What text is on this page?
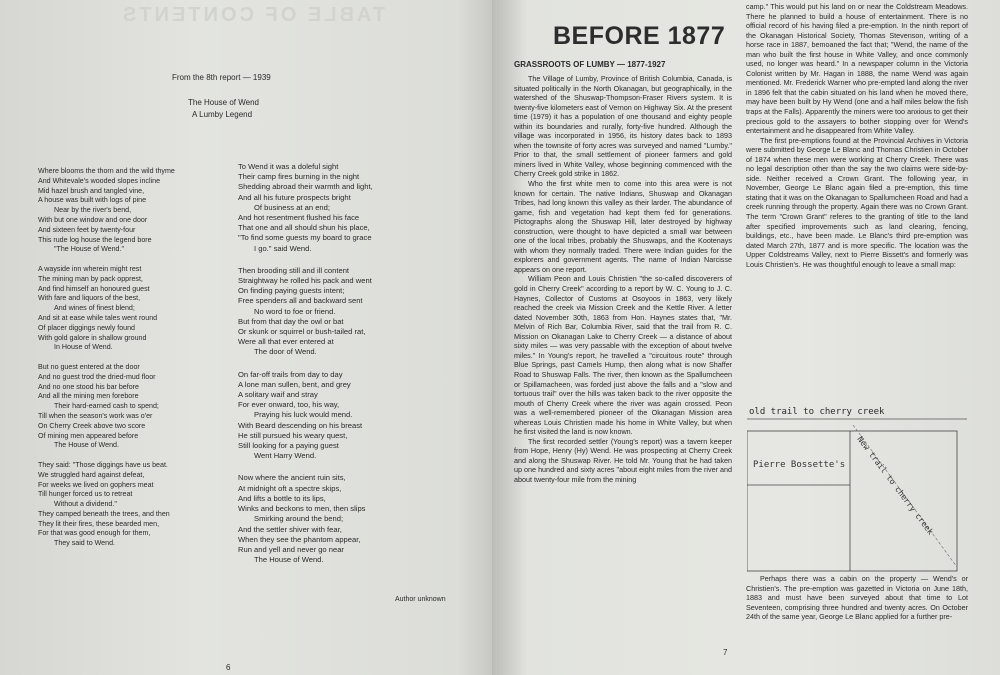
TABLE OF CONTENTS
From the 8th report — 1939
The House of Wend
A Lumby Legend
Where blooms the thorn and the wild thyme
And Whitevale's wooded slopes incline
Mid hazel brush and tangled vine,
A house was built with logs of pine
Near by the river's bend,
With but one window and one door
And sixteen feet by twenty-four
This rude log house the legend bore
"The House of Wend."
A wayside inn wherein might rest
The mining man by pack opprest,
And find himself an honoured guest
With fare and liquors of the best,
And wines of finest blend;
And sit at ease while tales went round
Of placer diggings newly found
With gold galore in shallow ground
In House of Wend.
But no guest entered at the door
And no guest trod the dried-mud floor
And no one stood his bar before
And all the mining men forebore
Their hard-earned cash to spend;
Till when the season's work was o'er
On Cherry Creek above two score
Of mining men appeared before
The House of Wend.
They said: "Those diggings have us beat.
We struggled hard against defeat,
For weeks we lived on gophers meat
Till hunger forced us to retreat
Without a dividend."
They camped beneath the trees, and then
They lit their fires, these bearded men,
For that was good enough for them,
They said to Wend.
To Wend it was a doleful sight
Their camp fires burning in the night
Shedding abroad their warmth and light,
And all his future prospects bright
Of business at an end;
And hot resentment flushed his face
That one and all should shun his place,
"To find some guests my board to grace
I go." said Wend.
Then brooding still and ill content
Straightway he rolled his pack and went
On finding paying guests intent;
Free spenders all and backward sent
No word to foe or friend.
But from that day the owl or bat
Or skunk or squirrel or bush-tailed rat,
Were all that ever entered at
The door of Wend.
On far-off trails from day to day
A lone man sullen, bent, and grey
A solitary waif and stray
For ever onward, too, his way,
Praying his luck would mend.
With Beard descending on his breast
He still pursued his weary quest,
Still looking for a paying guest
Went Harry Wend.
Now where the ancient ruin sits,
At midnight oft a spectre skips,
And lifts a bottle to its lips,
Winks and beckons to men, then slips
Smirking around the bend;
And the settler shiver with fear,
When they see the phantom appear,
Run and yell and never go near
The House of Wend.
Author unknown
6
BEFORE 1877
GRASSROOTS OF LUMBY — 1877-1927

The Village of Lumby, Province of British Columbia, Canada, is situated politically in the North Okanagan, but geographically, in the watershed of the Shuswap-Thompson-Fraser Rivers system. It is twenty-five kilometers east of Vernon on Highway Six. At the present time (1979) it has a population of one thousand and eighty people within its boundaries and rurally, forty-five hundred. Although the village was incorporated in 1956, its history dates back to 1893 when the townsite of forty acres was surveyed and named "Lumby." Prior to that, the small settlement of pioneer farmers and gold miners lived in White Valley, whose beginning commenced with the Cherry Creek gold strike in 1862.

Who the first white men to come into this area were is not known for certain. The native Indians, Shuswap and Okanagan Tribes, had long known this valley as their larder. The abundance of game, fish and vegetation had kept them fed for generations. Pictographs along the Shuswap Hill, later destroyed by highway construction, were thought to have depicted a small war between one of the local tribes, probably the Shuswaps, and the Kootenays with whom they normally traded. There were Indian guides for the explorers and government agents. The name of Indian Narcisse appears on one report.

William Peon and Louis Christien "the so-called discoverers of gold in Cherry Creek" according to a report by W. C. Young to J. C. Haynes, Collector of Customs at Osoyoos in 1863, very likely reached the creek via Mission Creek and the Kettle River. A letter dated November 30th, 1863 from Hon. Haynes states that, "Mr. Melvin of Rich Bar, Columbia River, said that the trail from R. C. Mission on Okanagan Lake to Cherry Creek — a distance of about sixty miles — was very passable with the exception of about twelve miles." In Young's report, he travelled a "circuitous route" through Blue Springs, past Camels Hump, then along what is now Shaffer Road to Shuswap Falls. The river, then known as the Spallumcheen or Spillamacheen, was forded just above the falls and a "slow and tortuous trail" over the hills was taken back to the river opposite the mouth of Cherry Creek where the river was again crossed. Peon was a well-remembered pioneer of the Okanagan Mission area whereas Louis Christien made his home in White Valley, but when he first visited the land is now known.

The first recorded settler (Young's report) was a tavern keeper from Hope, Henry (Hy) Wend. He was prospecting at Cherry Creek and along the Shuswap River. He told Mr. Young that he had taken up one hundred and sixty acres "about eight miles from the river and about twenty-four mile from the mining

camp." This would put his land on or near the Coldstream Meadows. There he planned to build a house of entertainment. There is no official record of his having filed a pre-emption. In the ninth report of the Okanagan Historical Society, Thomas Stevenson, writing of a horse race in 1887, bemoaned the fact that; "Wend, the name of the man who built the first house in White Valley, and once commonly used, no longer was heard." In a newspaper column in the Victoria Colonist written by Mr. Hagan in 1888, the name Wend was again mentioned. Mr. Frederick Warner who pre-empted land along the river in 1896 felt that the cabin situated on his land when he moved there, may have been built by Hy Wend (one and a half miles below the fish traps at the Falls). Apparently the miners were too anxious to get their precious gold to the assayers to bother stopping over for Wend's entertainment and he disappeared from White Valley.

The first pre-emptions found at the Provincial Archives in Victoria were submitted by George Le Blanc and Thomas Christien in October of 1874 when these men were working at Cherry Creek. There was no legal description other than the say the two claims were side-by-side. Neither received a Crown Grant. The following year, in November, George Le Blanc again filed a pre-emption, this time stating that it was on the Okanagan to Spallumcheen Road and had a creek running through the property. Again there was no Crown Grant. The term "Crown Grant" referes to the granting of title to the land after specified improvements such as land clearing, fencing, buildings, etc., have been made. Le Blanc's third pre-emption was dated March 27th, 1877 and is more specific. The location was the Upper Coldstreams Valley, next to Pierre Bissett's and formerly was Louis Christien's. He was thoughtful enough to leave a small map:

old trail to cherry creek
Pierre Bossette's New trail to cherry creek

Perhaps there was a cabin on the property — Wend's or Christien's. The pre-emption was gazetted in Victoria on June 18th, 1883 and must have been surveyed about that time to Lot Seventeen, comprising three hundred and twenty acres. On October 24th of the same year, George Le Blanc applied for a further pre-

7
